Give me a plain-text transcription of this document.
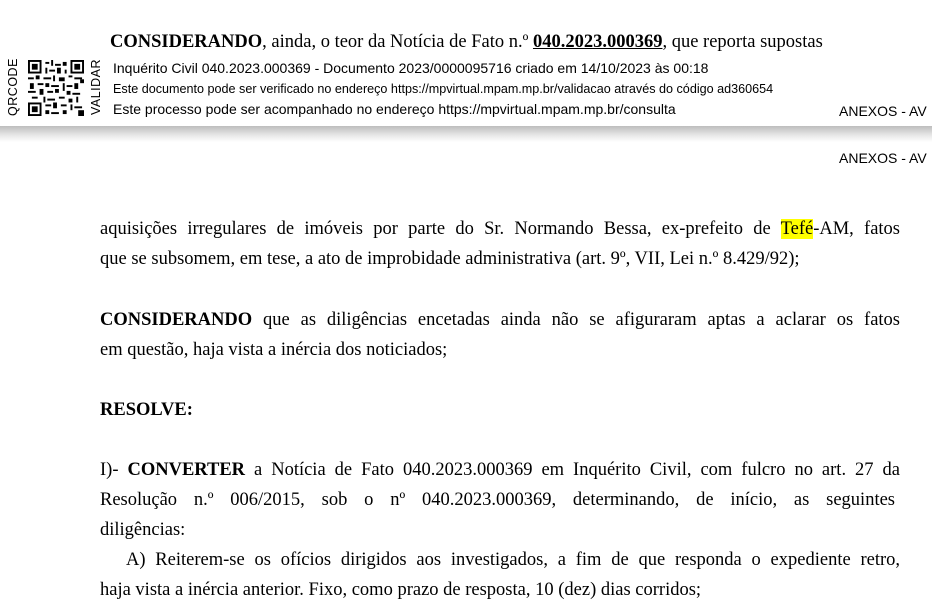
CONSIDERANDO, ainda, o teor da Notícia de Fato n.º 040.2023.000369, que reporta supostas
QRCODE	VALIDAR Inquérito Civil 040.2023.000369 - Documento 2023/0000095716 criado em 14/10/2023 às 00:18
Este documento pode ser verificado no endereço https://mpvirtual.mpam.mp.br/validacao através do código ad360654
Este processo pode ser acompanhado no endereço https://mpvirtual.mpam.mp.br/consulta	ANEXOS - AV
ANEXOS - AV
aquisições irregulares de imóveis por parte do Sr. Normando Bessa, ex-prefeito de Tefé-AM, fatos
que se subsomem, em tese, a ato de improbidade administrativa (art. 9º, VII, Lei n.º 8.429/92);
CONSIDERANDO que as diligências encetadas ainda não se afiguraram aptas a aclarar os fatos
em questão, haja vista a inércia dos noticiados;
RESOLVE:
I)- CONVERTER a Notícia de Fato 040.2023.000369 em Inquérito Civil, com fulcro no art. 27 da
Resolução n.º 006/2015, sob o nº 040.2023.000369, determinando, de início, as seguintes
diligências:
A) Reiterem-se os ofícios dirigidos aos investigados, a fim de que responda o expediente retro,
haja vista a inércia anterior. Fixo, como prazo de resposta, 10 (dez) dias corridos;
